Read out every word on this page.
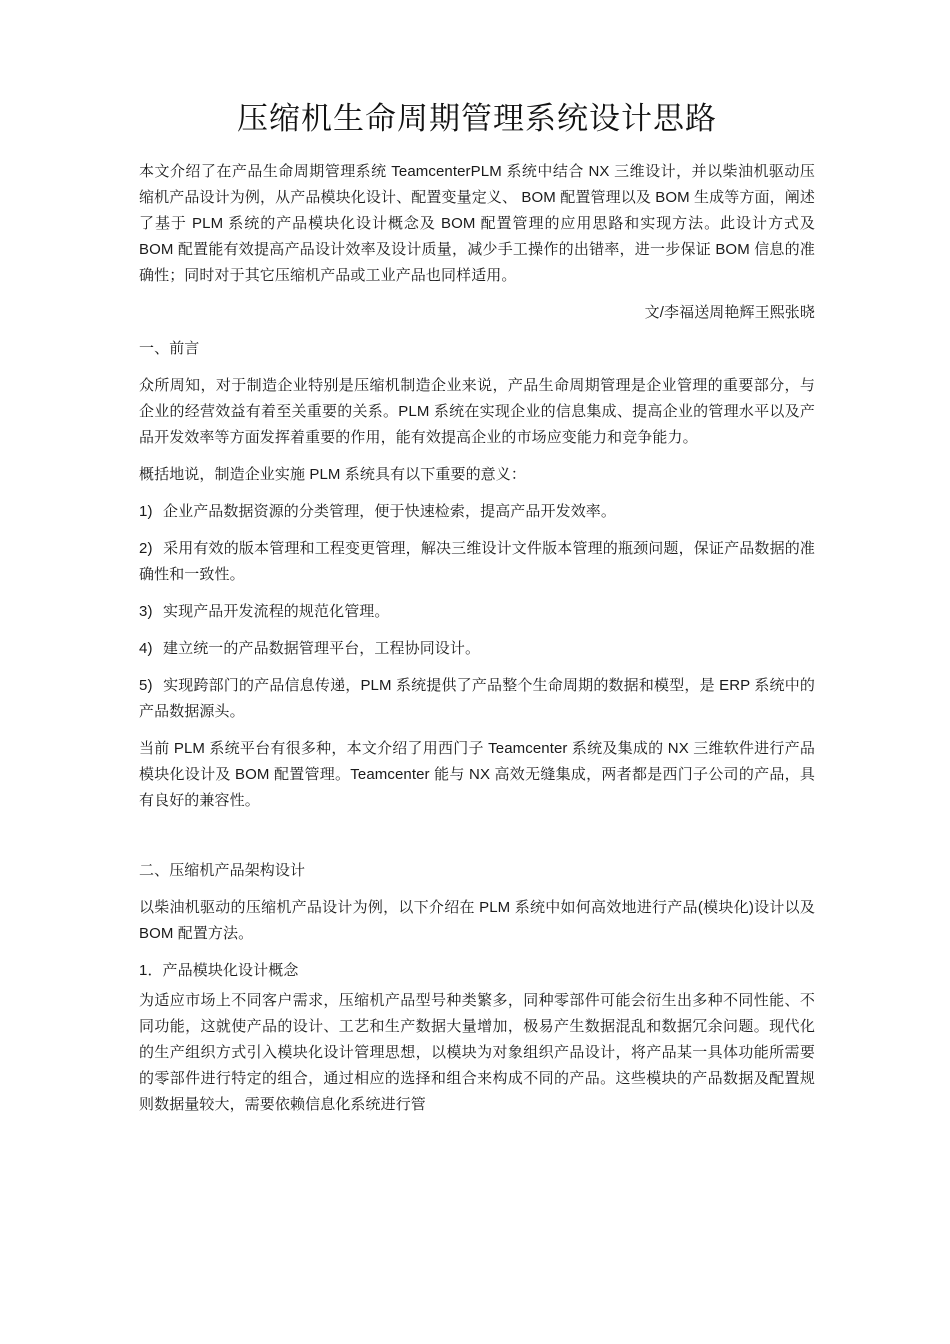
压缩机生命周期管理系统设计思路

本文介绍了在产品生命周期管理系统 TeamcenterPLM 系统中结合 NX 三维设计，并以柴油机驱动压缩机产品设计为例，从产品模块化设计、配置变量定义、 BOM 配置管理以及 BOM 生成等方面，阐述了基于 PLM 系统的产品模块化设计概念及 BOM 配置管理的应用思路和实现方法。此设计方式及 BOM 配置能有效提高产品设计效率及设计质量，减少手工操作的出错率，进一步保证 BOM 信息的准确性；同时对于其它压缩机产品或工业产品也同样适用。

文/李福送周艳辉王熙张晓

一、前言

众所周知，对于制造企业特别是压缩机制造企业来说，产品生命周期管理是企业管理的重要部分，与企业的经营效益有着至关重要的关系。PLM 系统在实现企业的信息集成、提高企业的管理水平以及产品开发效率等方面发挥着重要的作用，能有效提高企业的市场应变能力和竞争能力。

概括地说，制造企业实施 PLM 系统具有以下重要的意义：

1) 企业产品数据资源的分类管理，便于快速检索，提高产品开发效率。

2) 采用有效的版本管理和工程变更管理，解决三维设计文件版本管理的瓶颈问题，保证产品数据的准确性和一致性。

3) 实现产品开发流程的规范化管理。

4) 建立统一的产品数据管理平台，工程协同设计。

5) 实现跨部门的产品信息传递，PLM 系统提供了产品整个生命周期的数据和模型，是 ERP 系统中的产品数据源头。

当前 PLM 系统平台有很多种，本文介绍了用西门子 Teamcenter 系统及集成的 NX 三维软件进行产品模块化设计及 BOM 配置管理。Teamcenter 能与 NX 高效无缝集成，两者都是西门子公司的产品，具有良好的兼容性。

二、压缩机产品架构设计

以柴油机驱动的压缩机产品设计为例，以下介绍在 PLM 系统中如何高效地进行产品(模块化)设计以及 BOM 配置方法。

1．产品模块化设计概念

为适应市场上不同客户需求，压缩机产品型号种类繁多，同种零部件可能会衍生出多种不同性能、不同功能，这就使产品的设计、工艺和生产数据大量增加，极易产生数据混乱和数据冗余问题。现代化的生产组织方式引入模块化设计管理思想，以模块为对象组织产品设计，将产品某一具体功能所需要的零部件进行特定的组合，通过相应的选择和组合来构成不同的产品。这些模块的产品数据及配置规则数据量较大，需要依赖信息化系统进行管
